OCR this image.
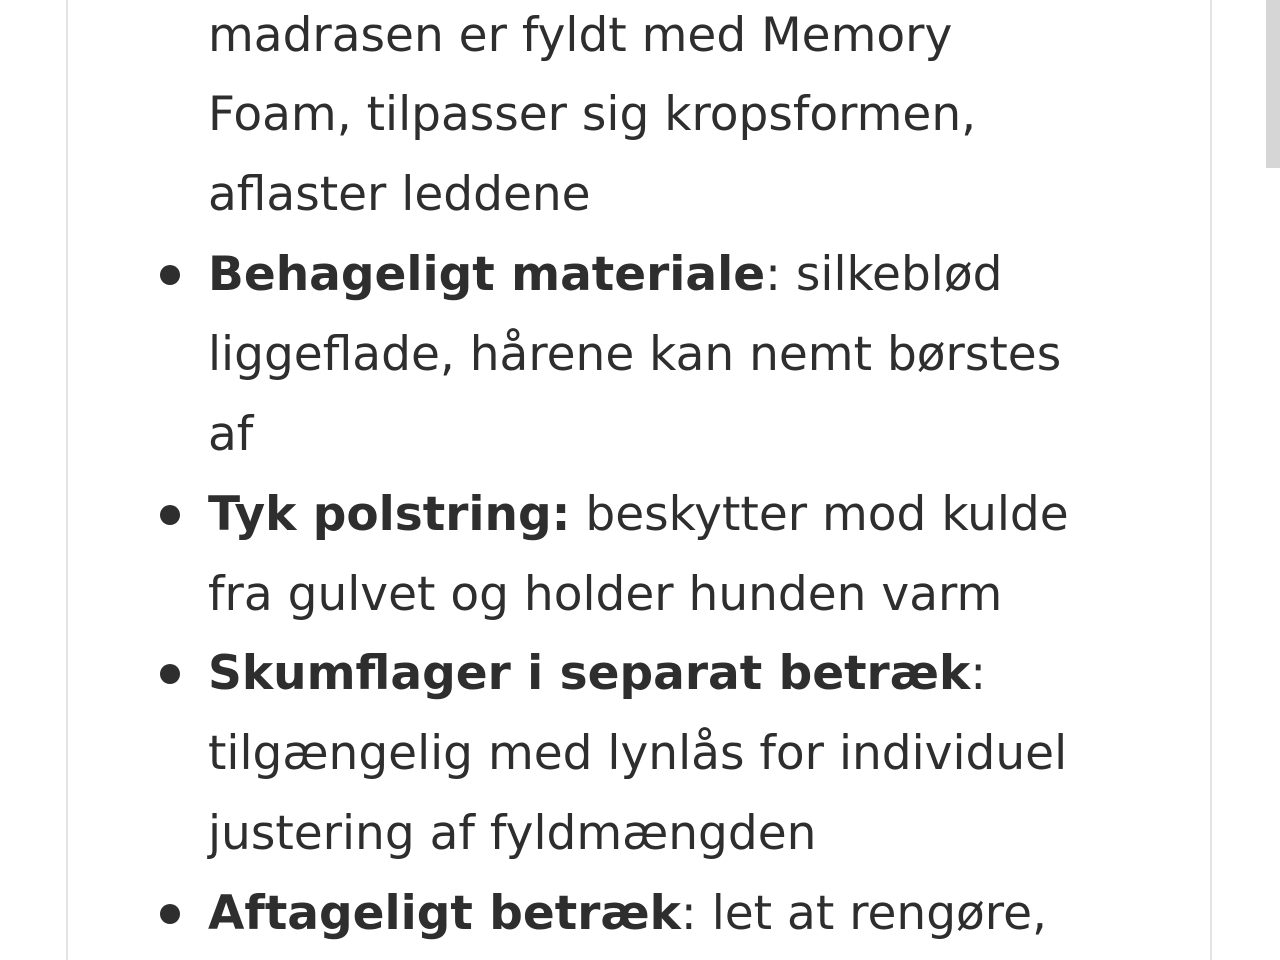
madrasen er fyldt med Memory
Foam, tilpasser sig kropsformen,
aflaster leddene
Behageligt materiale: silkeblød
liggeflade, hårene kan nemt børstes
af
Tyk polstring: beskytter mod kulde
fra gulvet og holder hunden varm
Skumflager i separat betræk:
tilgængelig med lynlås for individuel
justering af fyldmængden
Aftageligt betræk: let at rengøre,
